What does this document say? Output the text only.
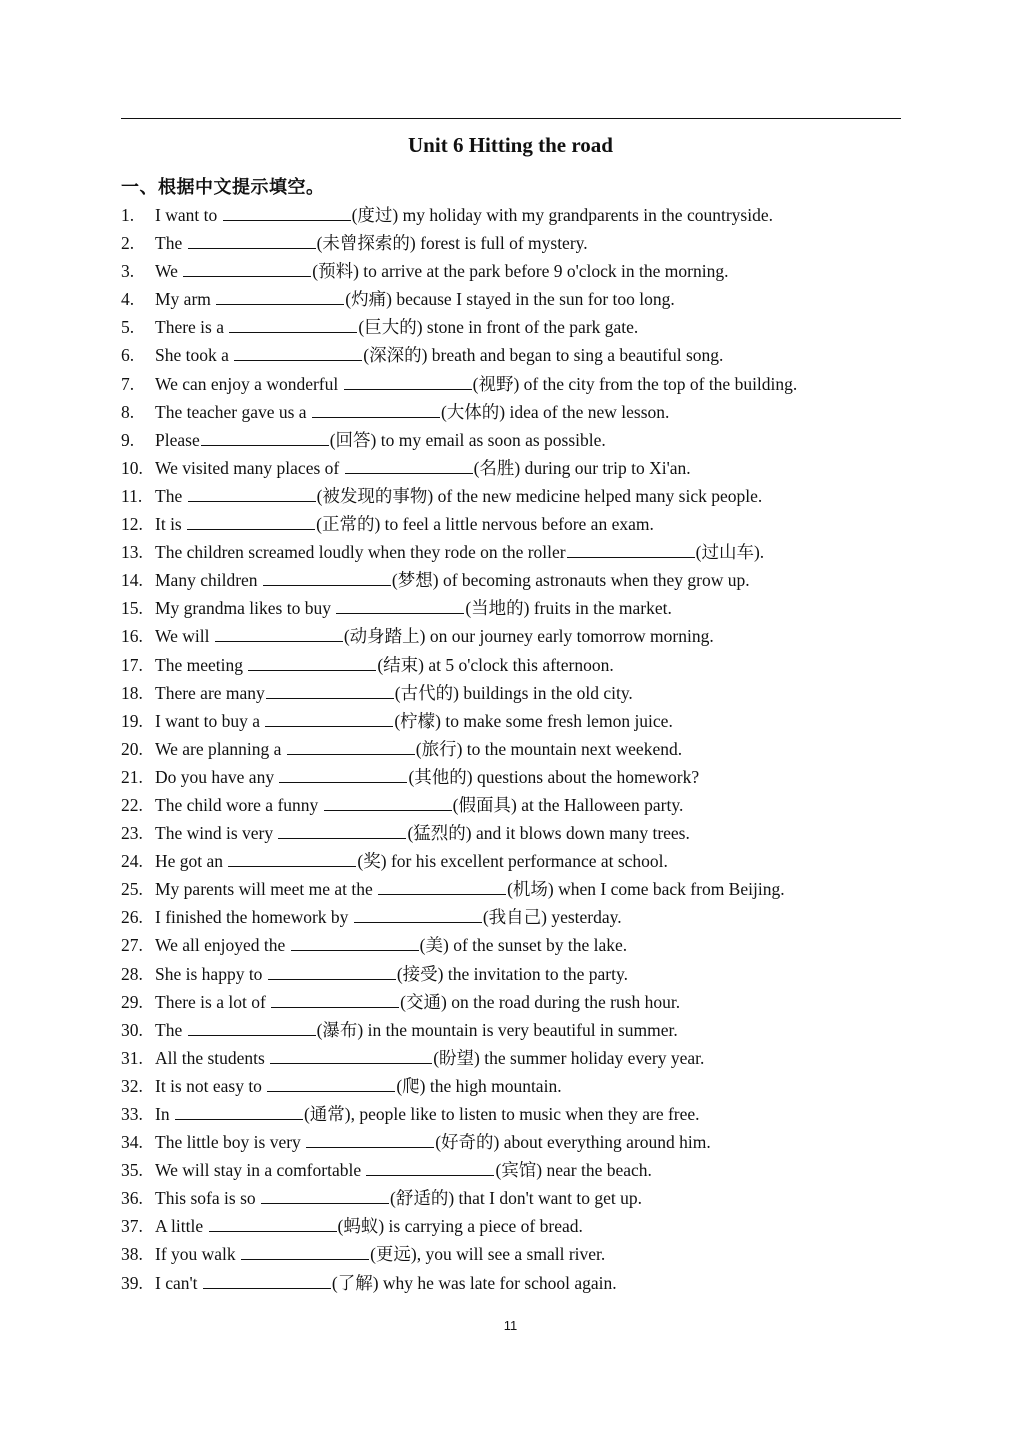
Unit 6 Hitting the road
一、根据中文提示填空。
1.	I want to	(度过) my holiday with my grandparents in the countryside.
2.	The	(未曾探索的) forest is full of mystery.
3.	We	(预料) to arrive at the park before 9 o'clock in the morning.
4.	My arm	(灼痛) because I stayed in the sun for too long.
5.	There is a	(巨大的) stone in front of the park gate.
6.	She took a	(深深的) breath and began to sing a beautiful song.
7.	We can enjoy a wonderful	(视野) of the city from the top of the building.
8.	The teacher gave us a	(大体的) idea of the new lesson.
9.	Please	(回答) to my email as soon as possible.
10. We visited many places of	(名胜) during our trip to Xi'an.
11. The	(被发现的事物) of the new medicine helped many sick people.
12. It is	(正常的) to feel a little nervous before an exam.
13. The children screamed loudly when they rode on the roller	(过山车).
14. Many children	(梦想) of becoming astronauts when they grow up.
15. My grandma likes to buy	(当地的) fruits in the market.
16. We will	(动身踏上) on our journey early tomorrow morning.
17. The meeting	(结束) at 5 o'clock this afternoon.
18. There are many	(古代的) buildings in the old city.
19. I want to buy a	(柠檬) to make some fresh lemon juice.
20. We are planning a	(旅行) to the mountain next weekend.
21. Do you have any	(其他的) questions about the homework?
22. The child wore a funny	(假面具) at the Halloween party.
23. The wind is very	(猛烈的) and it blows down many trees.
24. He got an	(奖) for his excellent performance at school.
25. My parents will meet me at the	(机场) when I come back from Beijing.
26. I finished the homework by	(我自己) yesterday.
27. We all enjoyed the	(美) of the sunset by the lake.
28. She is happy to	(接受) the invitation to the party.
29. There is a lot of	(交通) on the road during the rush hour.
30. The	(瀑布) in the mountain is very beautiful in summer.
31. All the students	(盼望) the summer holiday every year.
32. It is not easy to	(爬) the high mountain.
33. In	(通常), people like to listen to music when they are free.
34. The little boy is very	(好奇的) about everything around him.
35. We will stay in a comfortable	(宾馆) near the beach.
36. This sofa is so	(舒适的) that I don't want to get up.
37. A little	(蚂蚁) is carrying a piece of bread.
38. If you walk	(更远), you will see a small river.
39. I can't	(了解) why he was late for school again.
11
